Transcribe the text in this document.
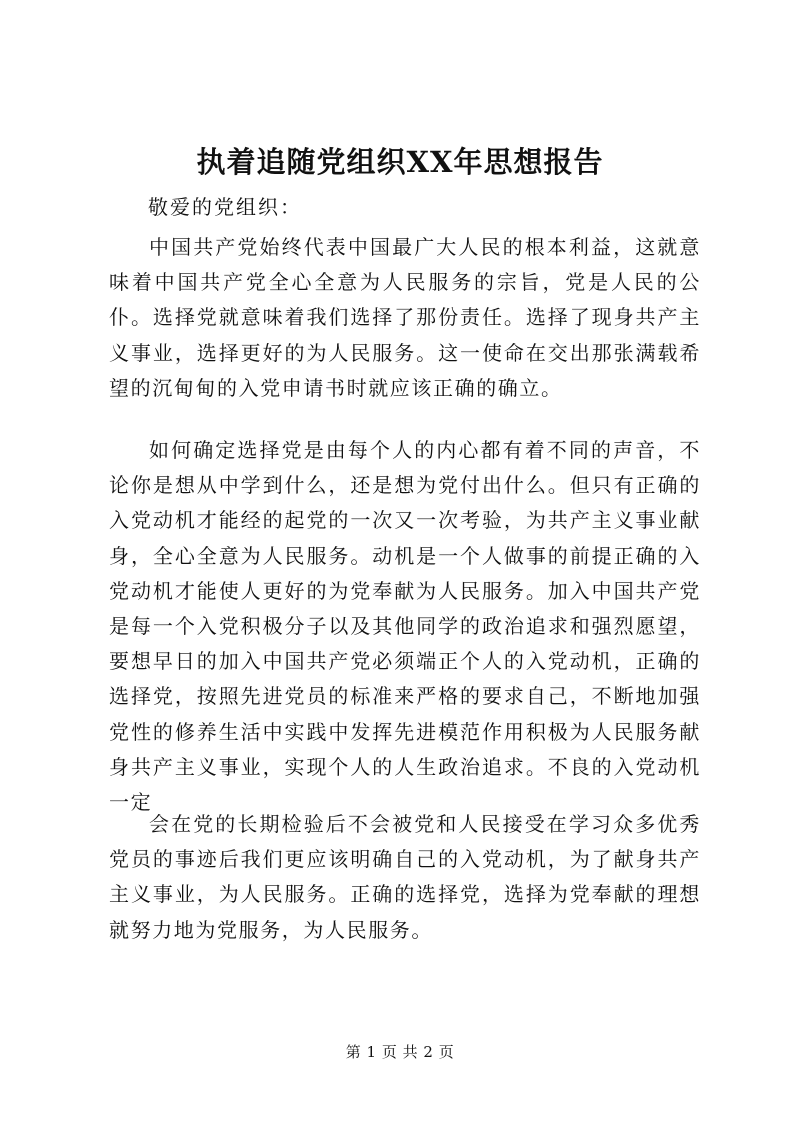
执着追随党组织XX年思想报告
敬爱的党组织：

中国共产党始终代表中国最广大人民的根本利益，这就意味着中国共产党全心全意为人民服务的宗旨，党是人民的公仆。选择党就意味着我们选择了那份责任。选择了现身共产主义事业，选择更好的为人民服务。这一使命在交出那张满载希望的沉甸甸的入党申请书时就应该正确的确立。

如何确定选择党是由每个人的内心都有着不同的声音，不论你是想从中学到什么，还是想为党付出什么。但只有正确的入党动机才能经的起党的一次又一次考验，为共产主义事业献身，全心全意为人民服务。动机是一个人做事的前提正确的入党动机才能使人更好的为党奉献为人民服务。加入中国共产党是每一个入党积极分子以及其他同学的政治追求和强烈愿望，要想早日的加入中国共产党必须端正个人的入党动机，正确的选择党，按照先进党员的标准来严格的要求自己，不断地加强党性的修养生活中实践中发挥先进模范作用积极为人民服务献身共产主义事业，实现个人的人生政治追求。不良的入党动机一定

会在党的长期检验后不会被党和人民接受在学习众多优秀党员的事迹后我们更应该明确自己的入党动机，为了献身共产主义事业，为人民服务。正确的选择党，选择为党奉献的理想就努力地为党服务，为人民服务。

第 1 页 共 2 页
